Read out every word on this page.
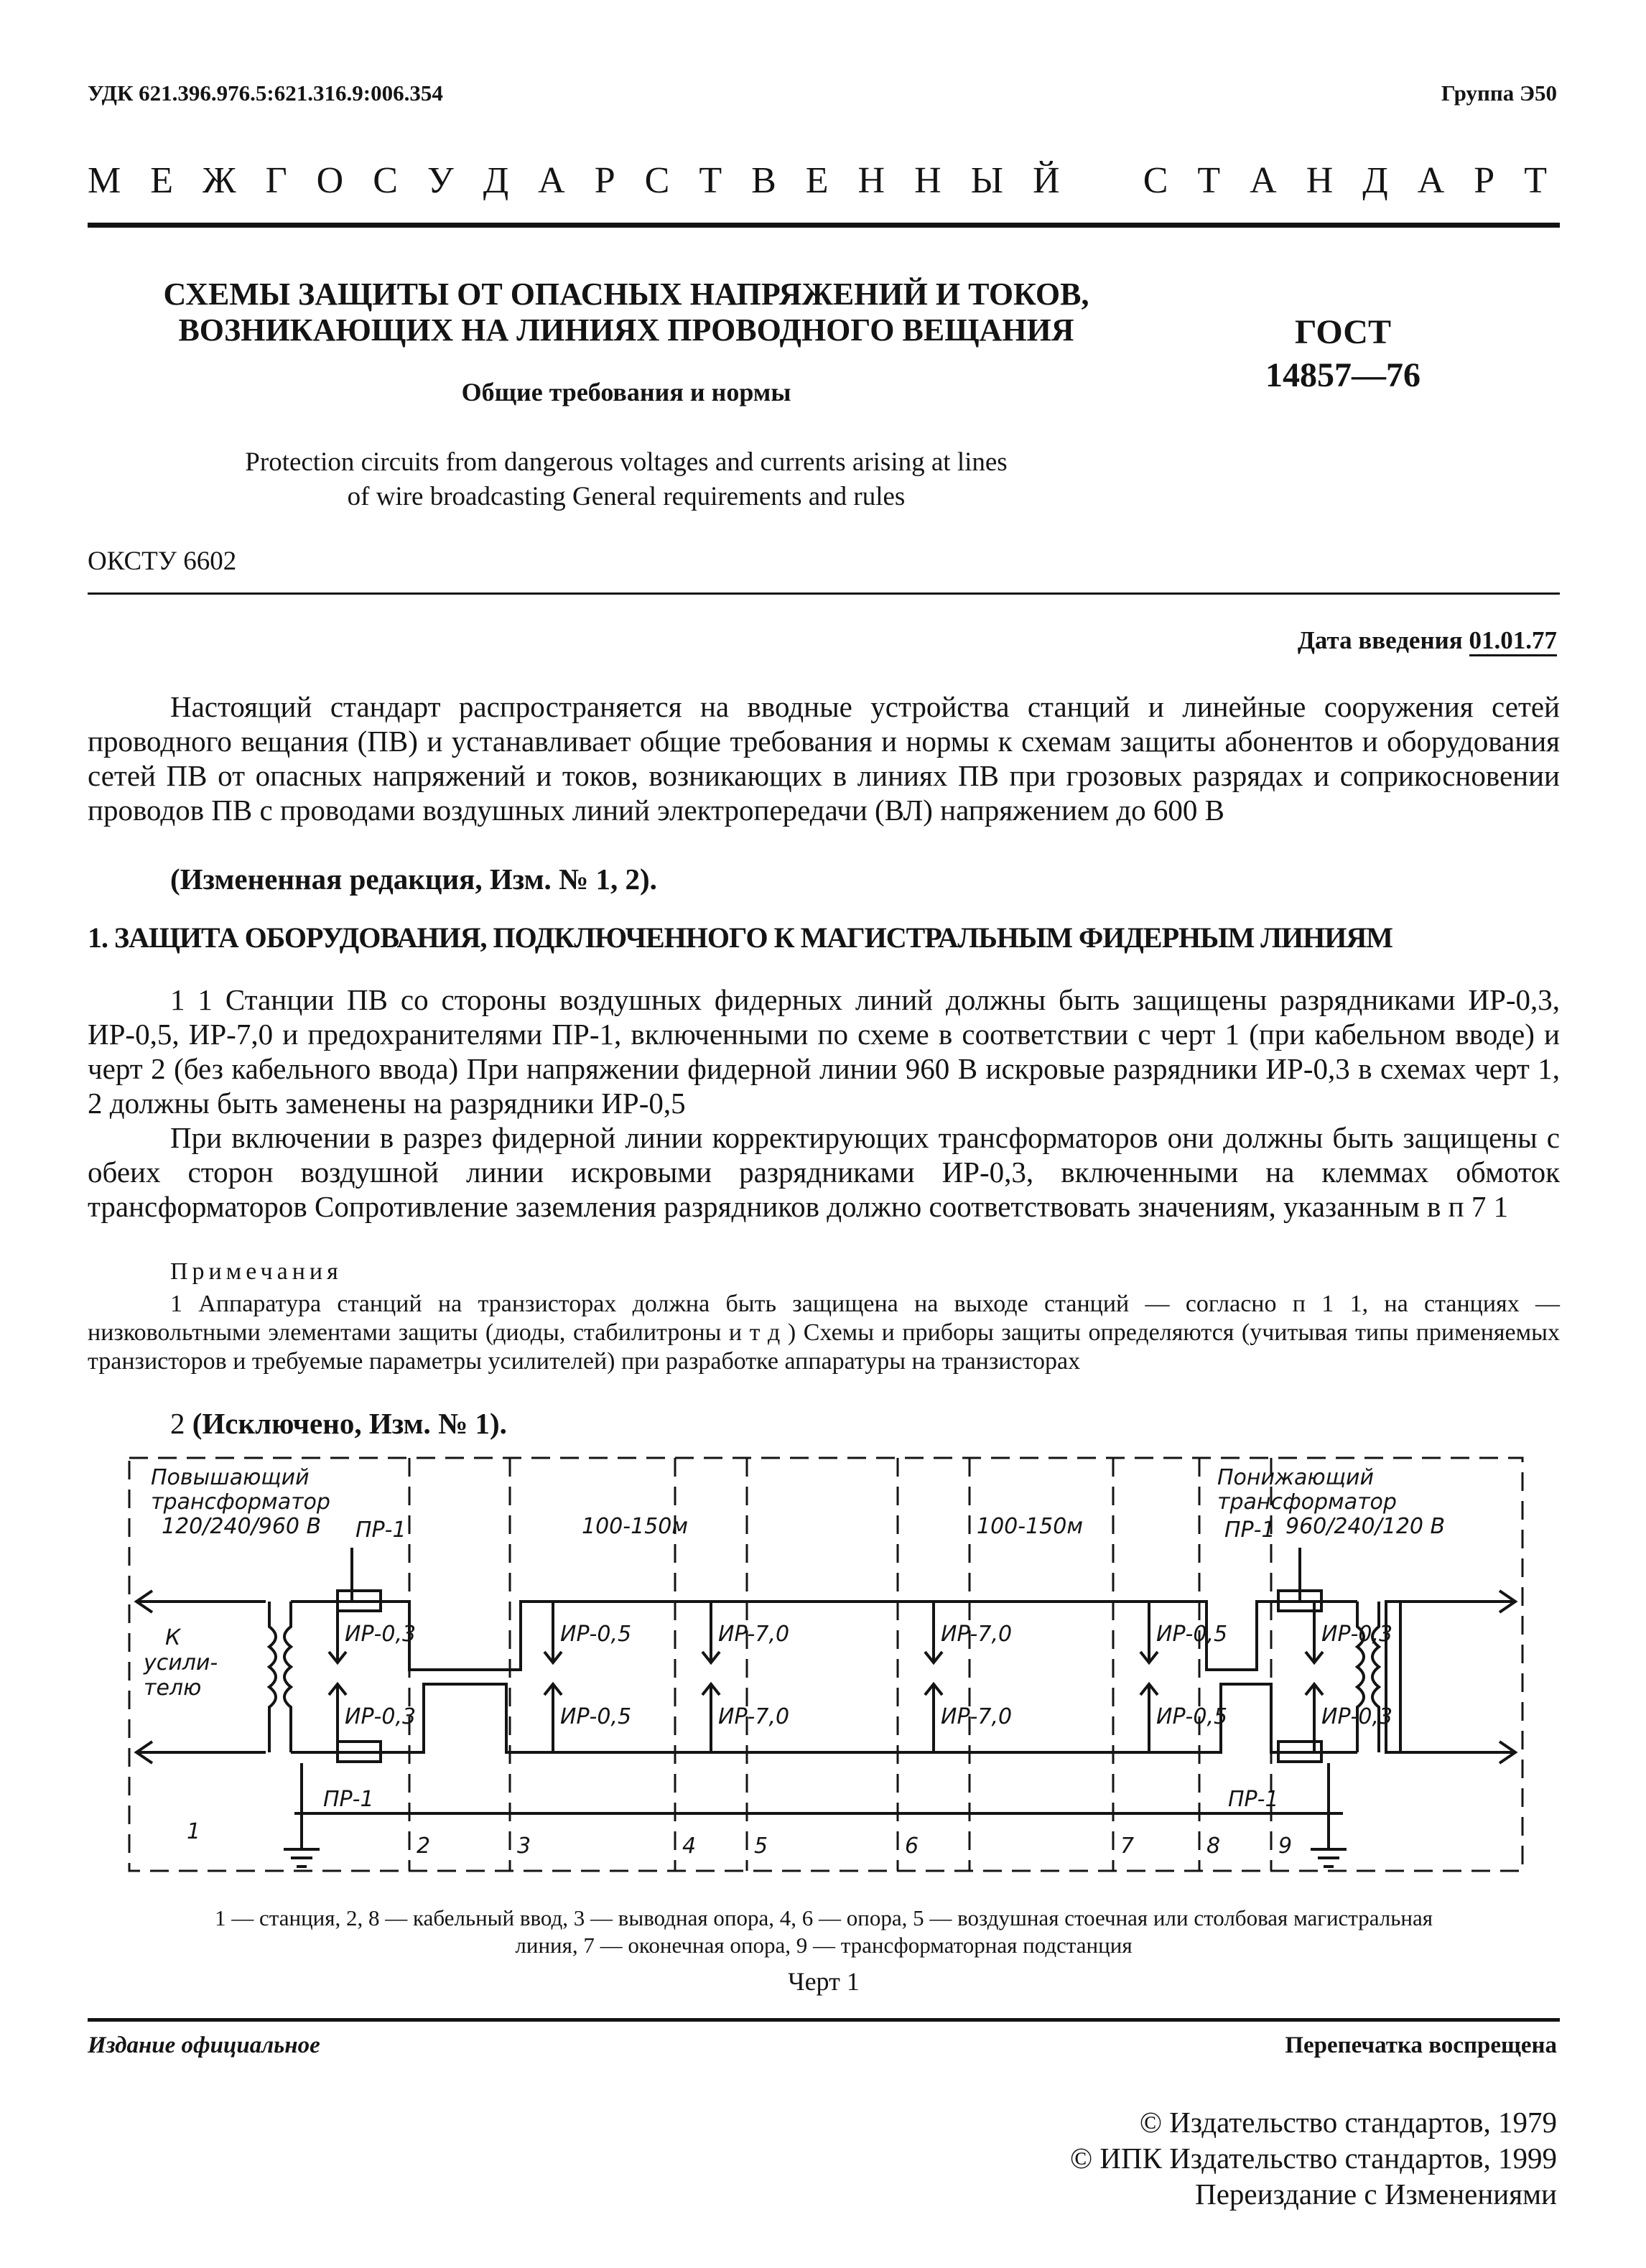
УДК 621.396.976.5:621.316.9:006.354	Группа Э50
М Е Ж Г О С У Д А Р С Т В Е Н Н Ы Й С Т А Н Д А Р Т
СХЕМЫ ЗАЩИТЫ ОТ ОПАСНЫХ НАПРЯЖЕНИЙ И ТОКОВ,
ВОЗНИКАЮЩИХ НА ЛИНИЯХ ПРОВОДНОГО ВЕЩАНИЯ
Общие требования и нормы
Protection circuits from dangerous voltages and currents arising at lines
of wire broadcasting General requirements and rules
ГОСТ
14857—76
ОКСТУ 6602
Дата введения 01.01.77
Настоящий стандарт распространяется на вводные устройства станций и линейные сооружения сетей проводного вещания (ПВ) и устанавливает общие требования и нормы к схемам защиты абонентов и оборудования сетей ПВ от опасных напряжений и токов, возникающих в линиях ПВ при грозовых разрядах и соприкосновении проводов ПВ с проводами воздушных линий электропередачи (ВЛ) напряжением до 600 В
(Измененная редакция, Изм. № 1, 2).
1. ЗАЩИТА ОБОРУДОВАНИЯ, ПОДКЛЮЧЕННОГО К МАГИСТРАЛЬНЫМ ФИДЕРНЫМ ЛИНИЯМ
1 1 Станции ПВ со стороны воздушных фидерных линий должны быть защищены разрядниками ИР-0,3, ИР-0,5, ИР-7,0 и предохранителями ПР-1, включенными по схеме в соответствии с черт 1 (при кабельном вводе) и черт 2 (без кабельного ввода) При напряжении фидерной линии 960 В искровые разрядники ИР-0,3 в схемах черт 1, 2 должны быть заменены на разрядники ИР-0,5
При включении в разрез фидерной линии корректирующих трансформаторов они должны быть защищены с обеих сторон воздушной линии искровыми разрядниками ИР-0,3, включенными на клеммах обмоток трансформаторов Сопротивление заземления разрядников должно соответствовать значениям, указанным в п 7 1
Примечания
1 Аппаратура станций на транзисторах должна быть защищена на выходе станций — согласно п 1 1, на станциях — низковольтными элементами защиты (диоды, стабилитроны и т д ) Схемы и приборы защиты определяются (учитывая типы применяемых транзисторов и требуемые параметры усилителей) при разработке аппаратуры на транзисторах
2 (Исключено, Изм. № 1).
Повышающий
трансформатор
120/240/960 В
Понижающий
трансформатор
960/240/120 В
ПР-1
ПР-1
ПР-1
ПР-1
ИР-0,3
ИР-0,3
ИР-0,5
ИР-0,5
ИР-7,0
ИР-7,0
ИР-7,0
ИР-7,0
ИР-0,5
ИР-0,5
ИР-0,3
ИР-0,3
100-150м	100-150м
К
усили-
телю
1
2	3	4	5	6	7	8	9
1 — станция, 2, 8 — кабельный ввод, 3 — выводная опора, 4, 6 — опора, 5 — воздушная стоечная или столбовая магистральная
линия, 7 — оконечная опора, 9 — трансформаторная подстанция
Черт 1
Издание официальное	Перепечатка воспрещена
© Издательство стандартов, 1979
© ИПК Издательство стандартов, 1999
Переиздание с Изменениями
